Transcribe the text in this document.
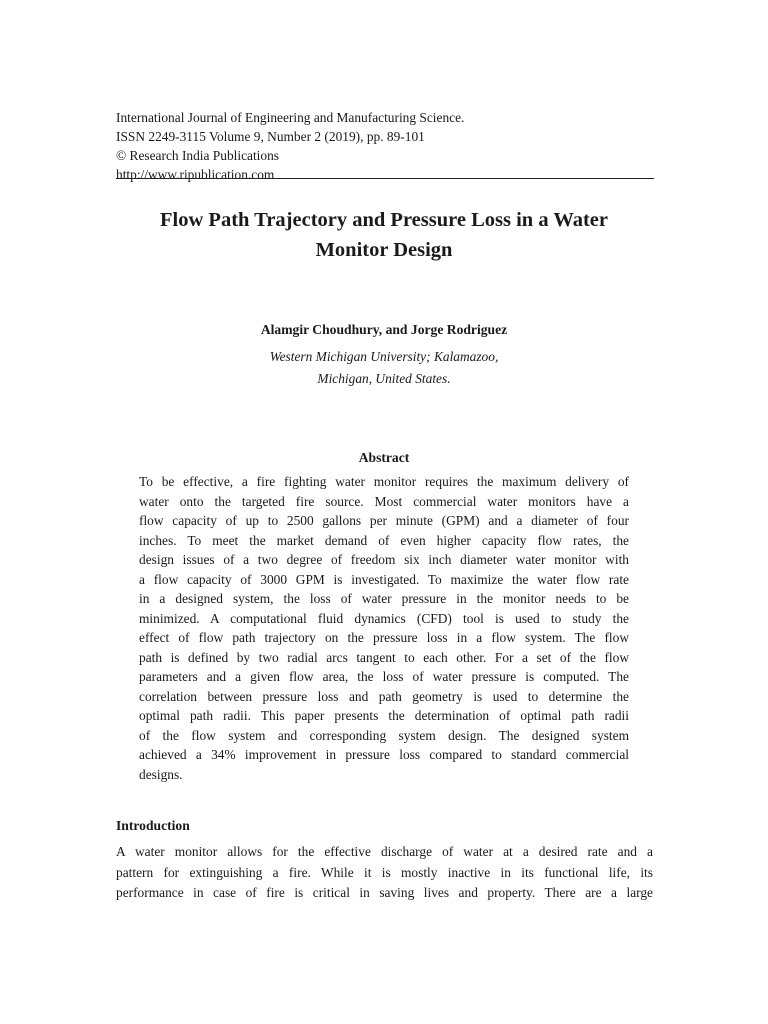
International Journal of Engineering and Manufacturing Science.
ISSN 2249-3115 Volume 9, Number 2 (2019), pp. 89-101
© Research India Publications
http://www.ripublication.com
Flow Path Trajectory and Pressure Loss in a Water
Monitor Design
Alamgir Choudhury, and Jorge Rodriguez
Western Michigan University; Kalamazoo,
Michigan, United States.
Abstract
To be effective, a fire fighting water monitor requires the maximum delivery of
water onto the targeted fire source. Most commercial water monitors have a
flow capacity of up to 2500 gallons per minute (GPM) and a diameter of four
inches. To meet the market demand of even higher capacity flow rates, the
design issues of a two degree of freedom six inch diameter water monitor with
a flow capacity of 3000 GPM is investigated. To maximize the water flow rate
in a designed system, the loss of water pressure in the monitor needs to be
minimized. A computational fluid dynamics (CFD) tool is used to study the
effect of flow path trajectory on the pressure loss in a flow system. The flow
path is defined by two radial arcs tangent to each other. For a set of the flow
parameters and a given flow area, the loss of water pressure is computed. The
correlation between pressure loss and path geometry is used to determine the
optimal path radii. This paper presents the determination of optimal path radii
of the flow system and corresponding system design. The designed system
achieved a 34% improvement in pressure loss compared to standard commercial
designs.
Introduction
A water monitor allows for the effective discharge of water at a desired rate and a
pattern for extinguishing a fire. While it is mostly inactive in its functional life, its
performance in case of fire is critical in saving lives and property. There are a large
